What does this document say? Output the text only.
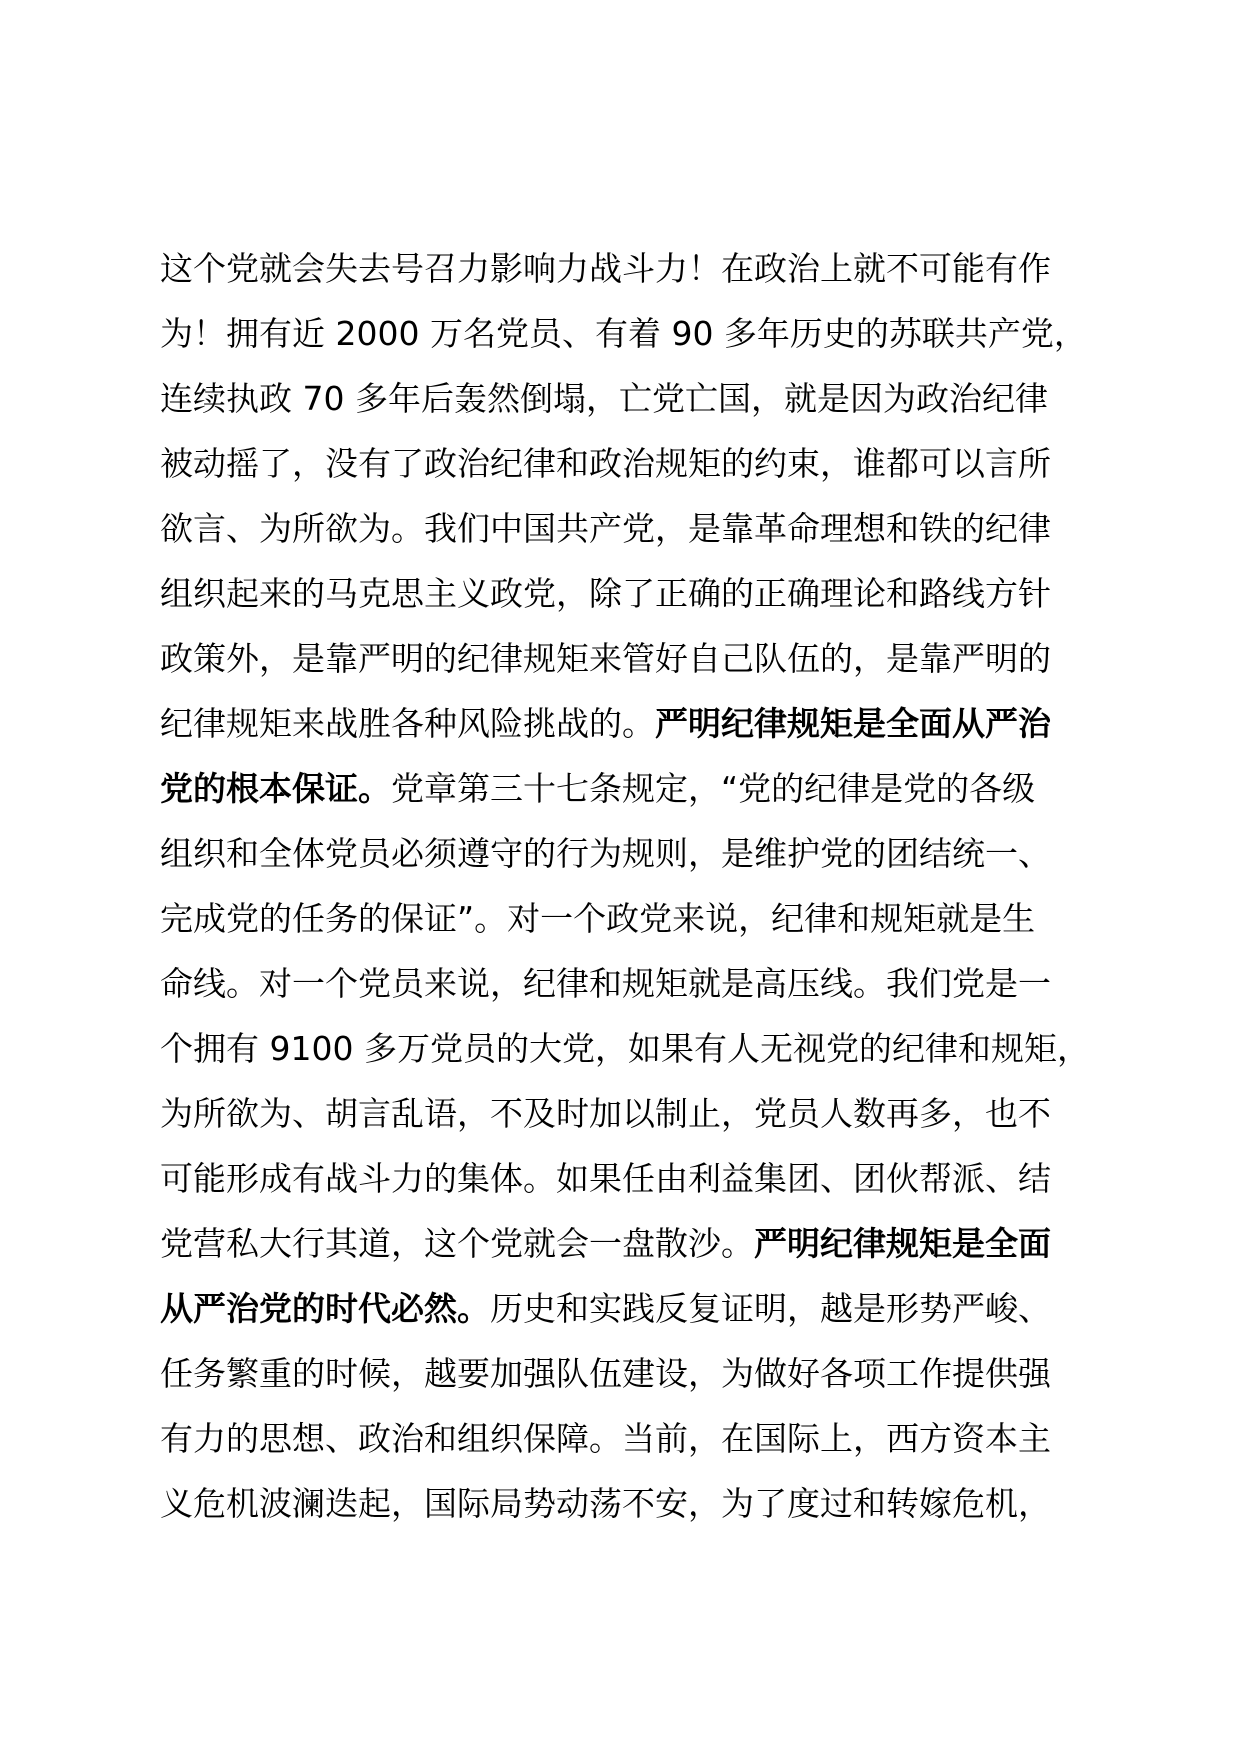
这个党就会失去号召力影响力战斗力！在政治上就不可能有作
为！拥有近 2000 万名党员、有着 90 多年历史的苏联共产党，
连续执政 70 多年后轰然倒塌，亡党亡国，就是因为政治纪律
被动摇了，没有了政治纪律和政治规矩的约束，谁都可以言所
欲言、为所欲为。我们中国共产党，是靠革命理想和铁的纪律
组织起来的马克思主义政党，除了正确的正确理论和路线方针
政策外，是靠严明的纪律规矩来管好自己队伍的，是靠严明的
纪律规矩来战胜各种风险挑战的。严明纪律规矩是全面从严治
党的根本保证。党章第三十七条规定，“党的纪律是党的各级
组织和全体党员必须遵守的行为规则，是维护党的团结统一、
完成党的任务的保证”。对一个政党来说，纪律和规矩就是生
命线。对一个党员来说，纪律和规矩就是高压线。我们党是一
个拥有 9100 多万党员的大党，如果有人无视党的纪律和规矩，
为所欲为、胡言乱语，不及时加以制止，党员人数再多，也不
可能形成有战斗力的集体。如果任由利益集团、团伙帮派、结
党营私大行其道，这个党就会一盘散沙。严明纪律规矩是全面
从严治党的时代必然。历史和实践反复证明，越是形势严峻、
任务繁重的时候，越要加强队伍建设，为做好各项工作提供强
有力的思想、政治和组织保障。当前，在国际上，西方资本主
义危机波澜迭起，国际局势动荡不安，为了度过和转嫁危机，
